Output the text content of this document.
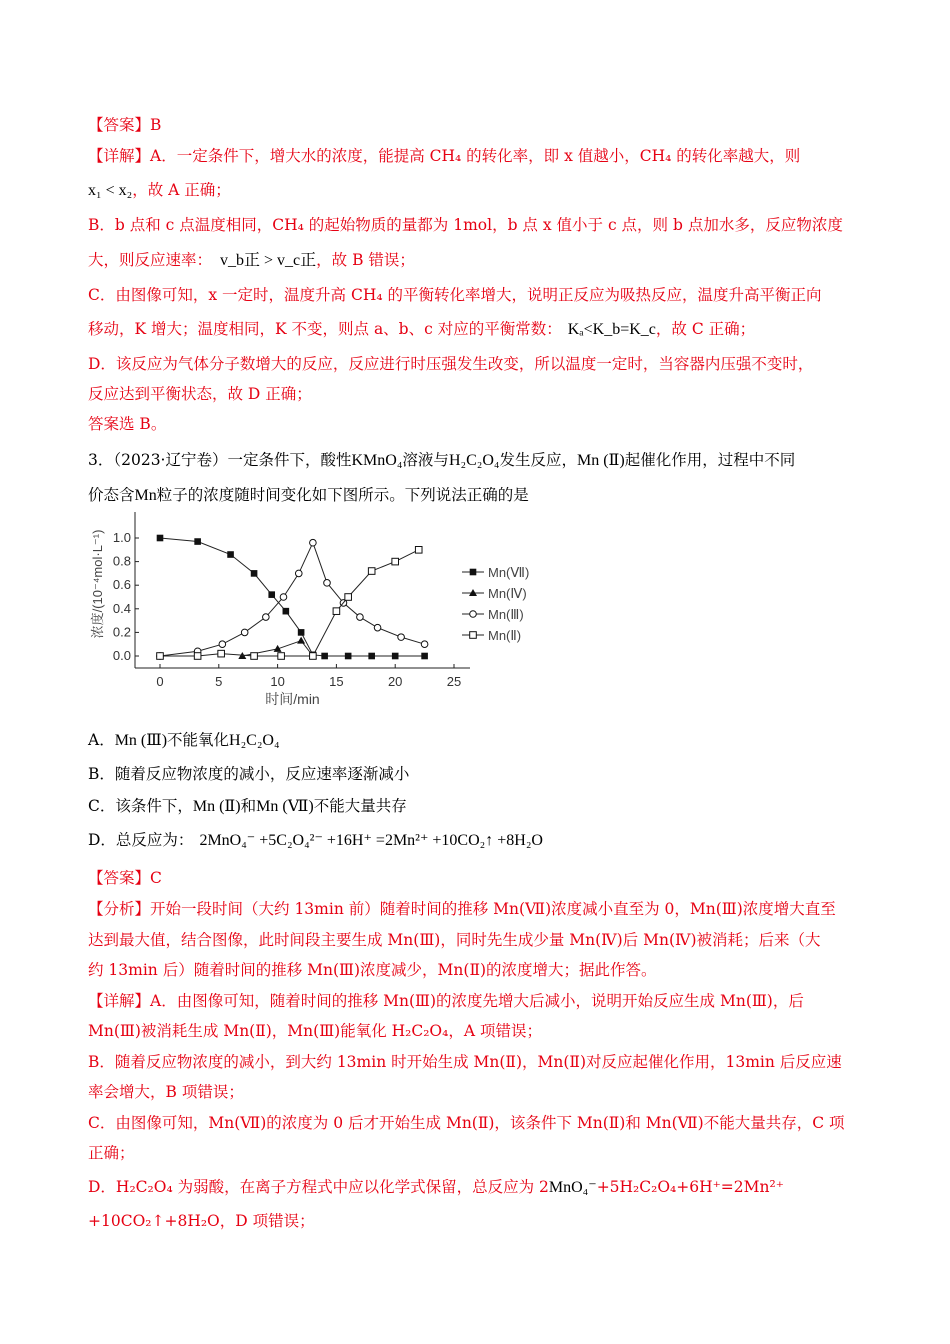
【答案】B
【详解】A．一定条件下，增大水的浓度，能提高 CH₄ 的转化率，即 x 值越小，CH₄ 的转化率越大，则
x₁ < x₂，故 A 正确；
B．b 点和 c 点温度相同，CH₄ 的起始物质的量都为 1mol，b 点 x 值小于 c 点，则 b 点加水多，反应物浓度
大，则反应速率： v_b正 > v_c正，故 B 错误；
C．由图像可知，x 一定时，温度升高 CH₄ 的平衡转化率增大，说明正反应为吸热反应，温度升高平衡正向
移动，K 增大；温度相同，K 不变，则点 a、b、c 对应的平衡常数： Kₐ<K_b=K_c，故 C 正确；
D．该反应为气体分子数增大的反应，反应进行时压强发生改变，所以温度一定时，当容器内压强不变时，
反应达到平衡状态，故 D 正确；
答案选 B。
3．（2023·辽宁卷）一定条件下，酸性KMnO₄溶液与H₂C₂O₄发生反应，Mn (Ⅱ)起催化作用，过程中不同
价态含Mn粒子的浓度随时间变化如下图所示。下列说法正确的是
0	5	10	15	20	25
0.0
0.2
0.4
0.6
0.8
1.0
时间/min
浓度/(10⁻⁴mol·L⁻¹)	Mn(Ⅶ)
Mn(Ⅳ)
Mn(Ⅲ)
Mn(Ⅱ)
A．Mn (Ⅲ)不能氧化H₂C₂O₄
B．随着反应物浓度的减小，反应速率逐渐减小
C．该条件下，Mn (Ⅱ)和Mn (Ⅶ)不能大量共存
D．总反应为： 2MnO₄⁻ +5C₂O₄²⁻ +16H⁺ =2Mn²⁺ +10CO₂↑ +8H₂O
【答案】C
【分析】开始一段时间（大约 13min 前）随着时间的推移 Mn(Ⅶ)浓度减小直至为 0，Mn(Ⅲ)浓度增大直至
达到最大值，结合图像，此时间段主要生成 Mn(Ⅲ)，同时先生成少量 Mn(Ⅳ)后 Mn(Ⅳ)被消耗；后来（大
约 13min 后）随着时间的推移 Mn(Ⅲ)浓度减少，Mn(Ⅱ)的浓度增大；据此作答。
【详解】A．由图像可知，随着时间的推移 Mn(Ⅲ)的浓度先增大后减小，说明开始反应生成 Mn(Ⅲ)，后
Mn(Ⅲ)被消耗生成 Mn(Ⅱ)，Mn(Ⅲ)能氧化 H₂C₂O₄，A 项错误；
B．随着反应物浓度的减小，到大约 13min 时开始生成 Mn(Ⅱ)，Mn(Ⅱ)对反应起催化作用，13min 后反应速
率会增大，B 项错误；
C．由图像可知，Mn(Ⅶ)的浓度为 0 后才开始生成 Mn(Ⅱ)，该条件下 Mn(Ⅱ)和 Mn(Ⅶ)不能大量共存，C 项
正确；
D．H₂C₂O₄ 为弱酸，在离子方程式中应以化学式保留，总反应为 2MnO₄⁻+5H₂C₂O₄+6H⁺=2Mn²⁺
+10CO₂↑+8H₂O，D 项错误；
